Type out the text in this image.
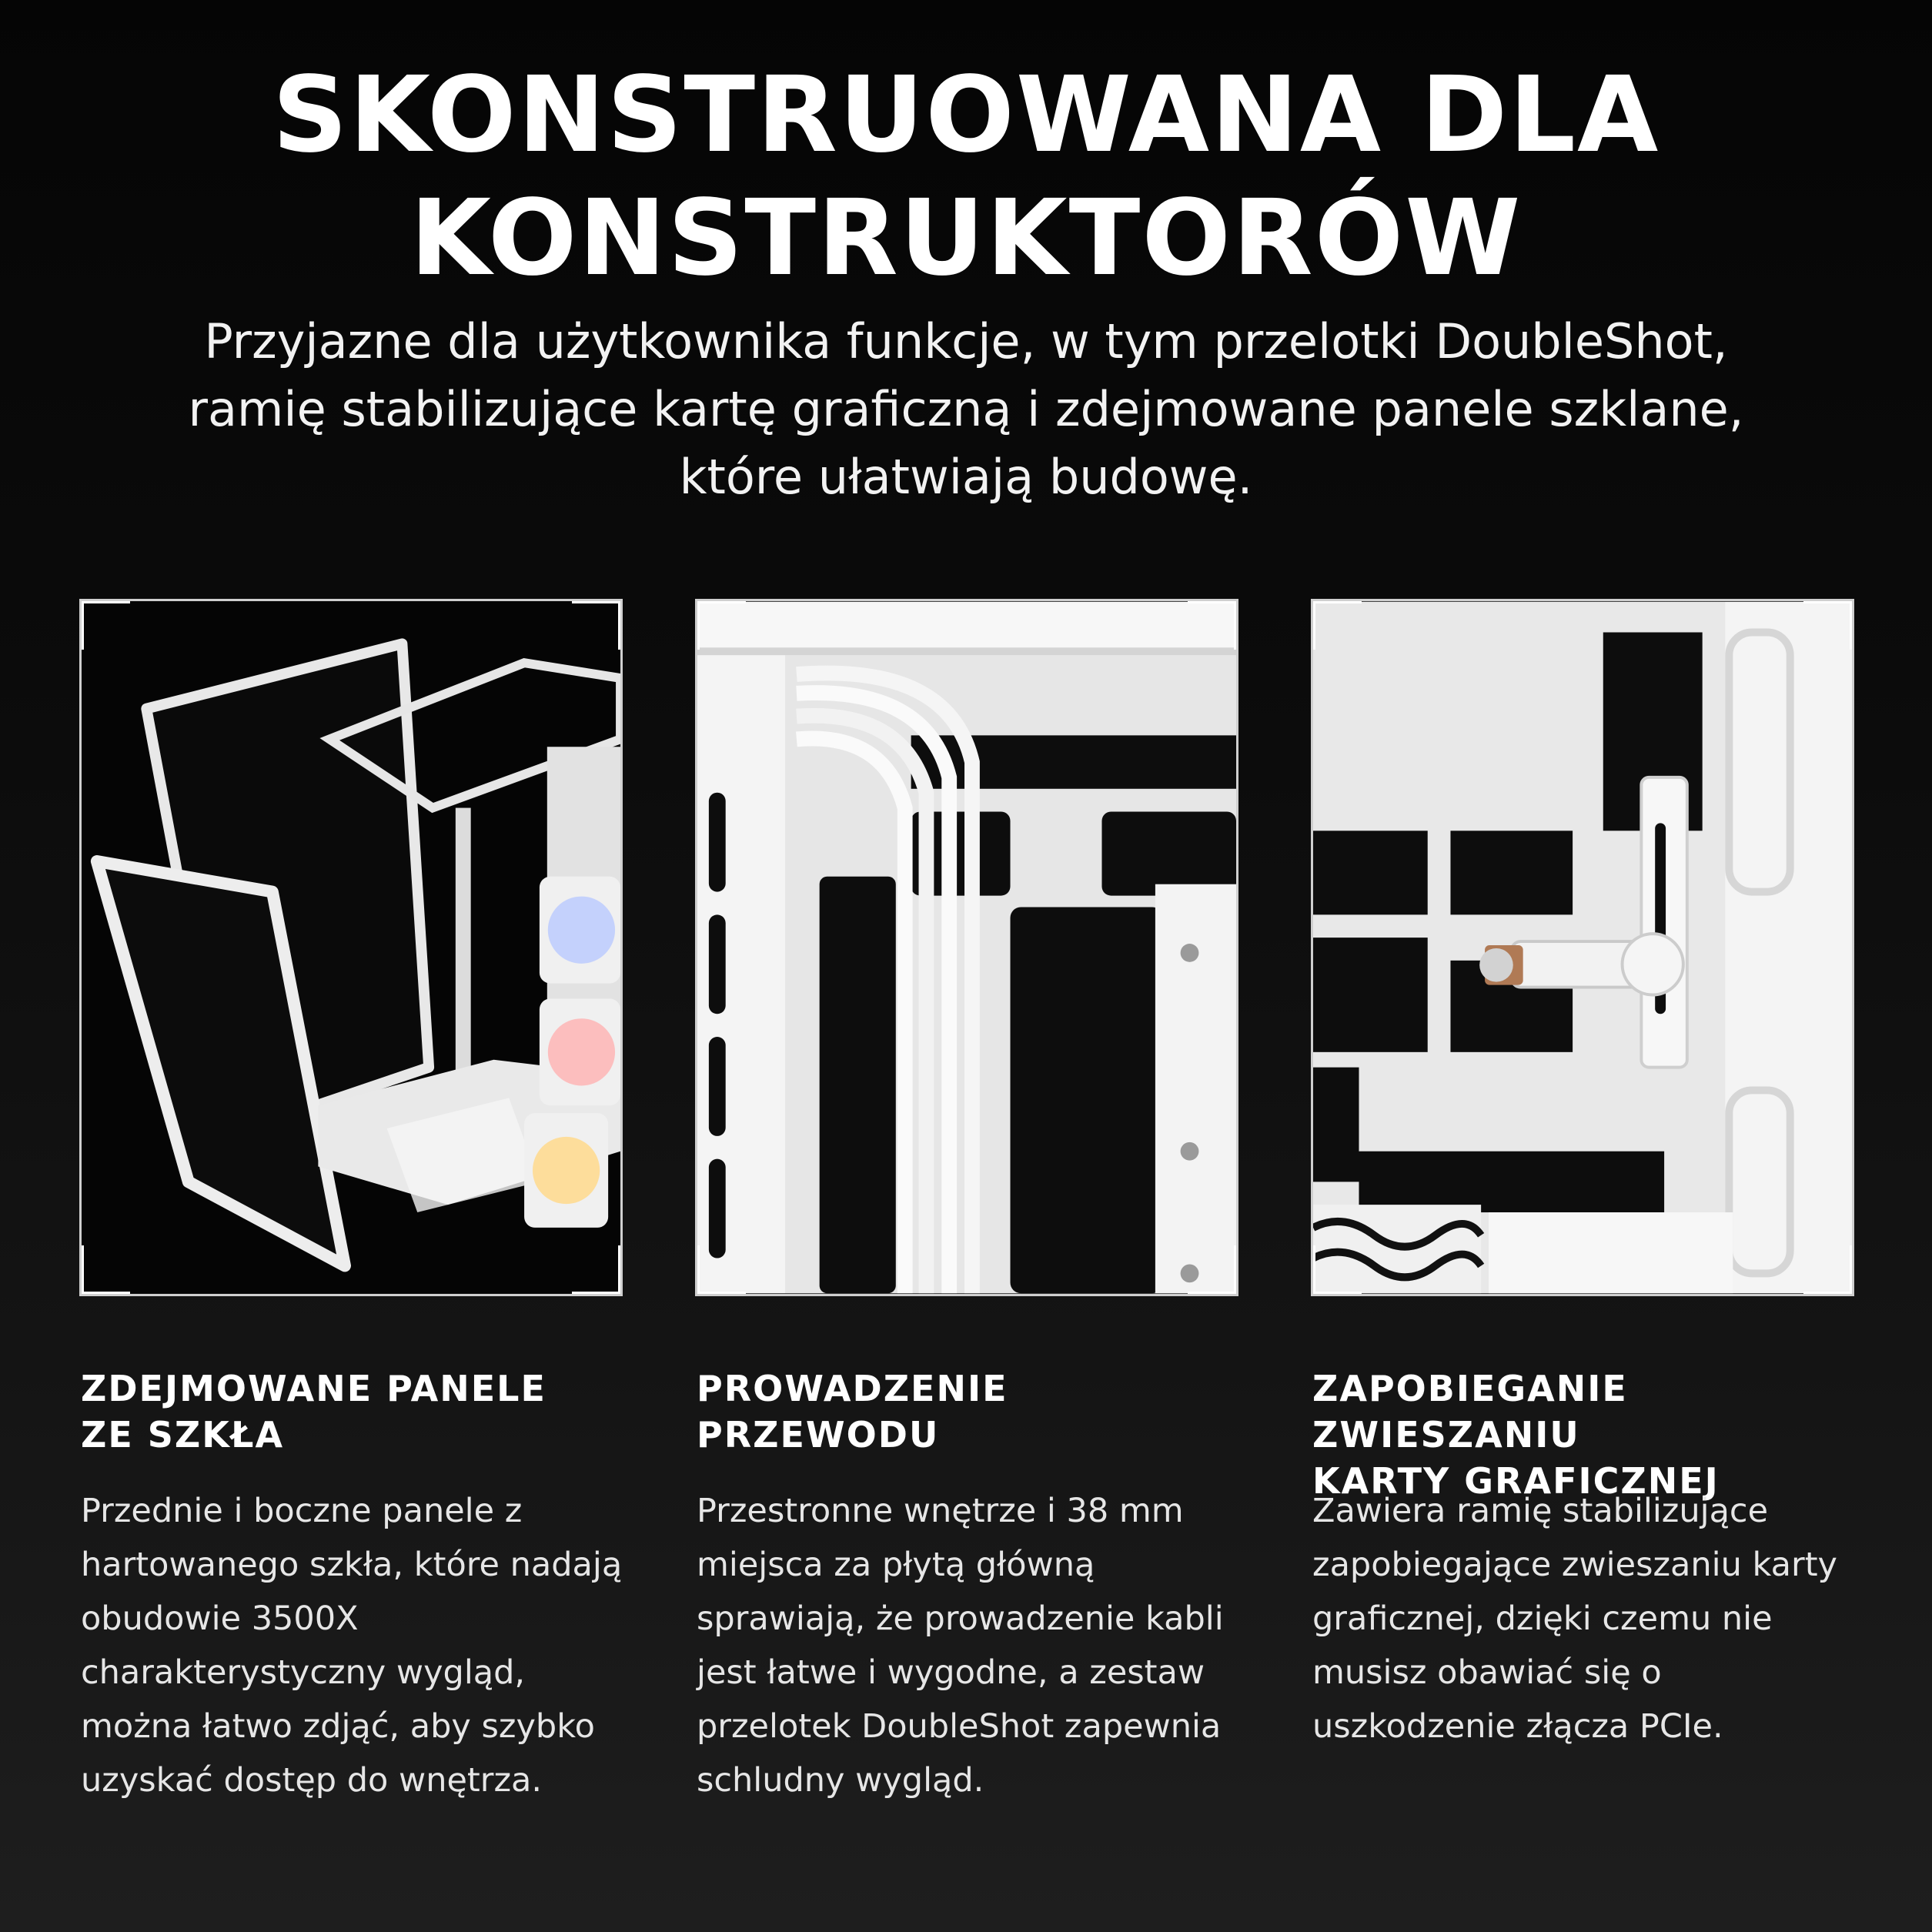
SKONSTRUOWANA DLA
KONSTRUKTORÓW

Przyjazne dla użytkownika funkcje, w tym przelotki DoubleShot,
ramię stabilizujące kartę graficzną i zdejmowane panele szklane,
które ułatwiają budowę.

ZDEJMOWANE PANELE
ZE SZKŁA

Przednie i boczne panele z
hartowanego szkła, które nadają
obudowie 3500X
charakterystyczny wygląd,
można łatwo zdjąć, aby szybko
uzyskać dostęp do wnętrza.

PROWADZENIE PRZEWODU

Przestronne wnętrze i 38 mm
miejsca za płytą główną
sprawiają, że prowadzenie kabli
jest łatwe i wygodne, a zestaw
przelotek DoubleShot zapewnia
schludny wygląd.

ZAPOBIEGANIE ZWIESZANIU
KARTY GRAFICZNEJ

Zawiera ramię stabilizujące
zapobiegające zwieszaniu karty
graficznej, dzięki czemu nie
musisz obawiać się o
uszkodzenie złącza PCIe.
